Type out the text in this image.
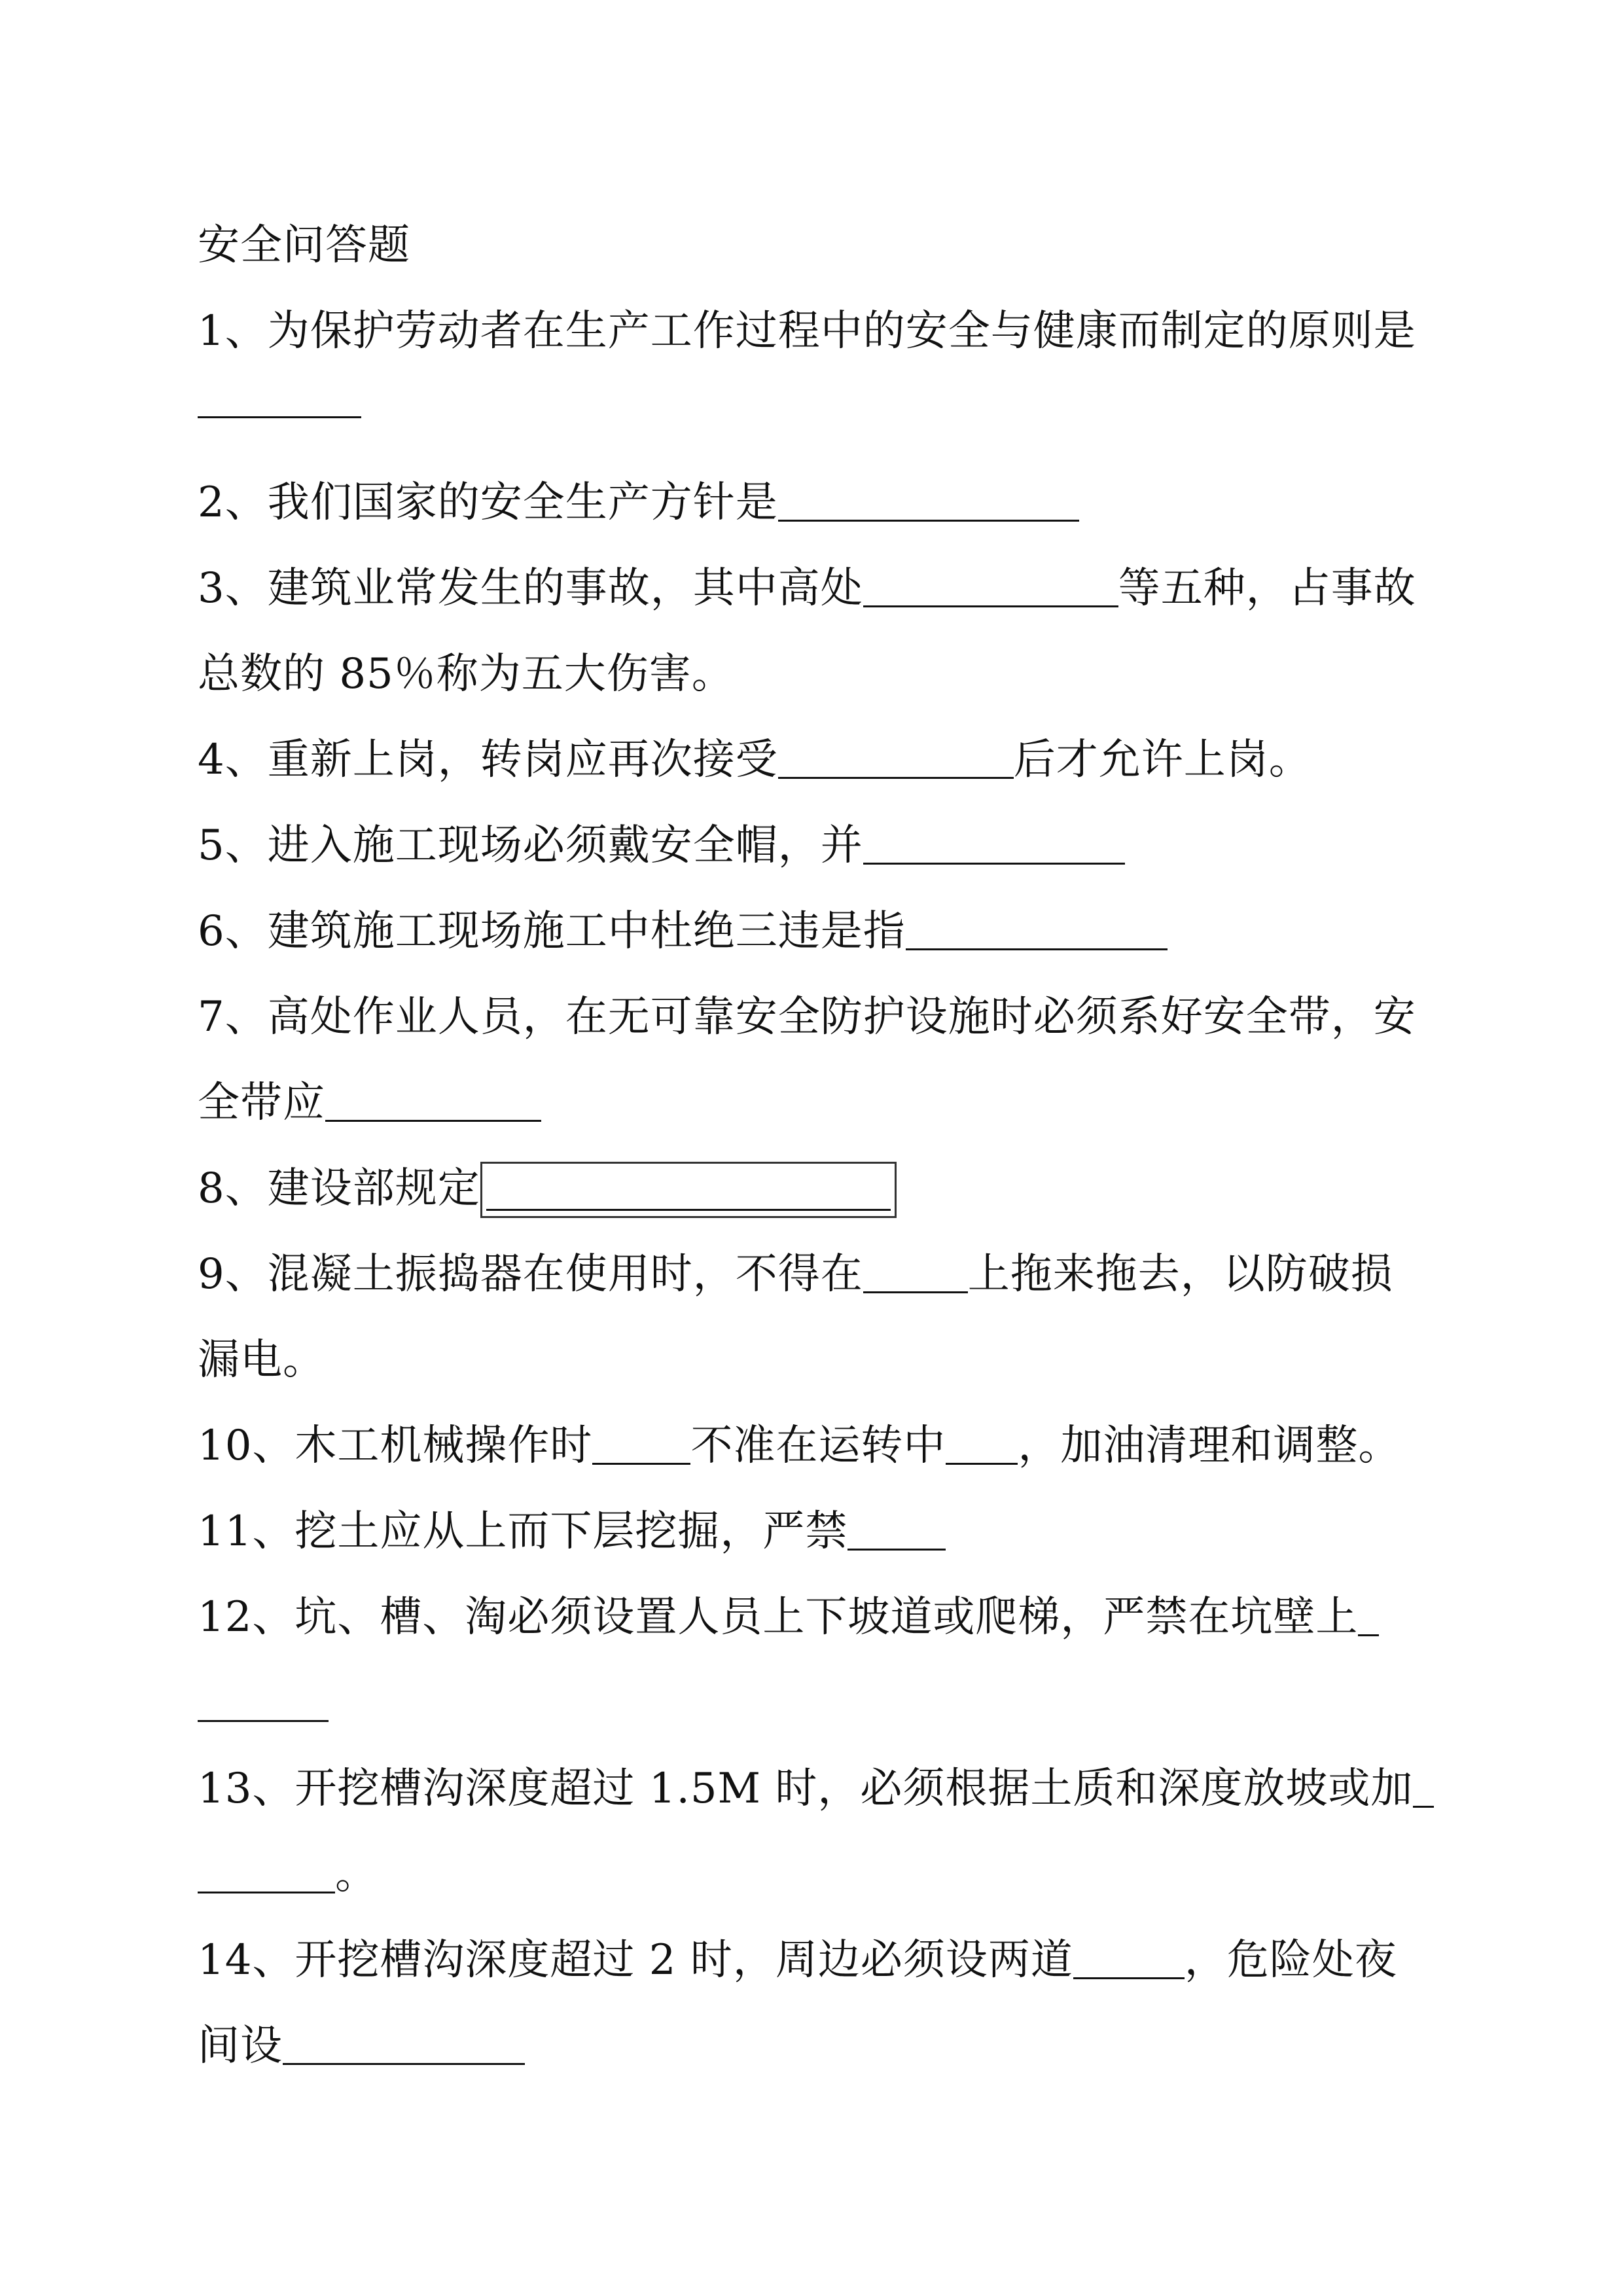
安全问答题
1、为保护劳动者在生产工作过程中的安全与健康而制定的原则是
2、我们国家的安全生产方针是
3、建筑业常发生的事故，其中高处	等五种，占事故
总数的 85％称为五大伤害。
4、重新上岗，转岗应再次接受	后才允许上岗。
5、进入施工现场必须戴安全帽，并
6、建筑施工现场施工中杜绝三违是指
7、高处作业人员，在无可靠安全防护设施时必须系好安全带，安
全带应
8、建设部规定
9、混凝土振捣器在使用时，不得在	上拖来拖去，以防破损
漏电。
10、木工机械操作时 不准在运转中 ，加油清理和调整。
11、挖土应从上而下层挖掘，严禁
12、坑、槽、淘必须设置人员上下坡道或爬梯，严禁在坑壁上
13、开挖槽沟深度超过 1.5M 时，必须根据土质和深度放坡或加
。
14、开挖槽沟深度超过 2 时，周边必须设两道	，危险处夜
间设
